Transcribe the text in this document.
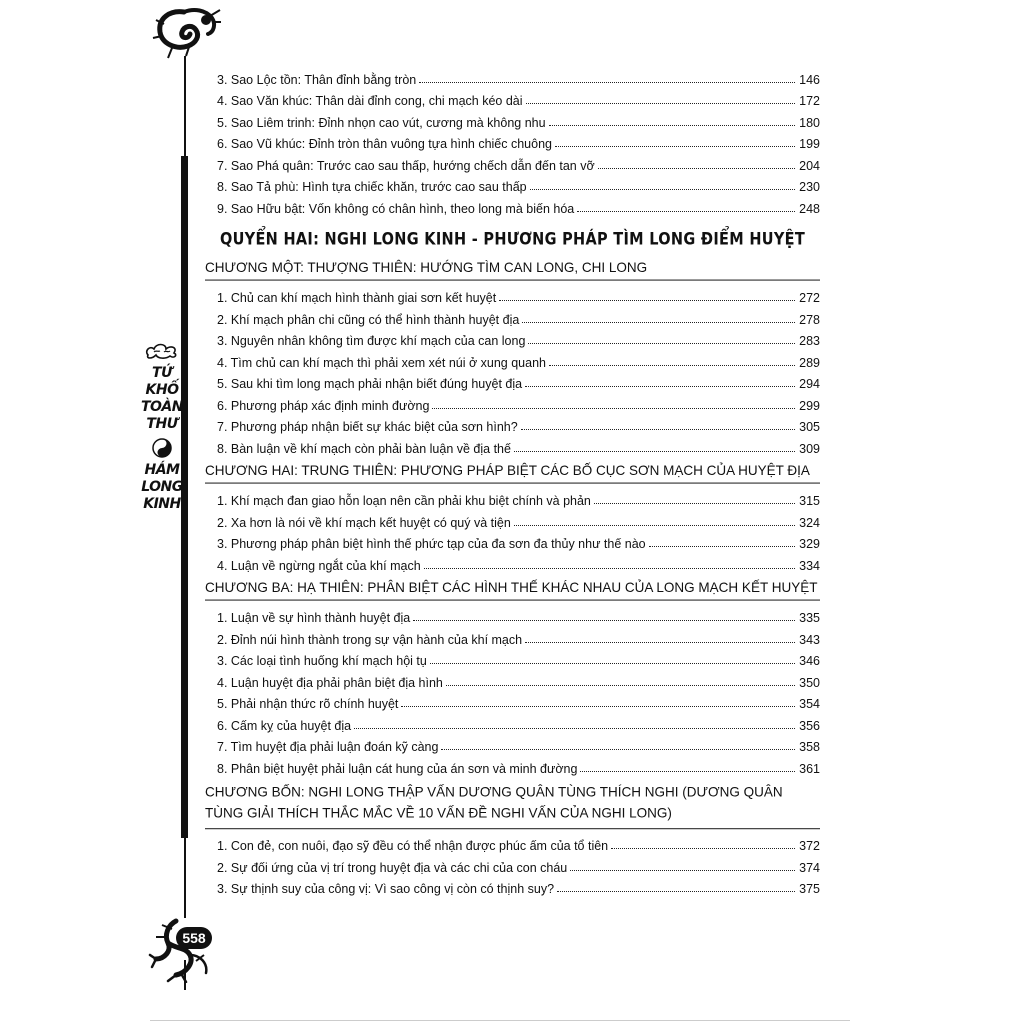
TỨ
KHỐ
TOÀN
THƯ
HÁM
LONG
KINH
558
3. Sao Lộc tồn: Thân đỉnh bằng tròn	146
4. Sao Văn khúc: Thân dài đỉnh cong, chi mạch kéo dài	172
5. Sao Liêm trinh: Đỉnh nhọn cao vút, cương mà không nhu	180
6. Sao Vũ khúc: Đỉnh tròn thân vuông tựa hình chiếc chuông	199
7. Sao Phá quân: Trước cao sau thấp, hướng chếch dẫn đến tan vỡ	204
8. Sao Tả phù: Hình tựa chiếc khăn, trước cao sau thấp	230
9. Sao Hữu bật: Vốn không có chân hình, theo long mà biến hóa	248
QUYỂN HAI: NGHI LONG KINH - PHƯƠNG PHÁP TÌM LONG ĐIỂM HUYỆT
CHƯƠNG MỘT: THƯỢNG THIÊN: HƯỚNG TÌM CAN LONG, CHI LONG
1. Chủ can khí mạch hình thành giai sơn kết huyệt	272
2. Khí mạch phân chi cũng có thể hình thành huyệt địa	278
3. Nguyên nhân không tìm được khí mạch của can long	283
4. Tìm chủ can khí mạch thì phải xem xét núi ở xung quanh	289
5. Sau khi tìm long mạch phải nhận biết đúng huyệt địa	294
6. Phương pháp xác định minh đường	299
7. Phương pháp nhận biết sự khác biệt của sơn hình?	305
8. Bàn luận về khí mạch còn phải bàn luận về địa thế	309
CHƯƠNG HAI: TRUNG THIÊN: PHƯƠNG PHÁP BIỆT CÁC BỐ CỤC SƠN MẠCH CỦA HUYỆT ĐỊA
1. Khí mạch đan giao hỗn loạn nên cần phải khu biệt chính và phản	315
2. Xa hơn là nói về khí mạch kết huyệt có quý và tiện	324
3. Phương pháp phân biệt hình thế phức tạp của đa sơn đa thủy như thế nào	329
4. Luận về ngừng ngắt của khí mạch	334
CHƯƠNG BA: HẠ THIÊN: PHÂN BIỆT CÁC HÌNH THẾ KHÁC NHAU CỦA LONG MẠCH KẾT HUYỆT
1. Luận về sự hình thành huyệt địa	335
2. Đỉnh núi hình thành trong sự vận hành của khí mạch	343
3. Các loại tình huống khí mạch hội tụ	346
4. Luận huyệt địa phải phân biệt địa hình	350
5. Phải nhận thức rõ chính huyệt	354
6. Cấm kỵ của huyệt địa	356
7. Tìm huyệt địa phải luận đoán kỹ càng	358
8. Phân biệt huyệt phải luận cát hung của án sơn và minh đường	361
CHƯƠNG BỐN: NGHI LONG THẬP VẤN DƯƠNG QUÂN TÙNG THÍCH NGHI (DƯƠNG QUÂN TÙNG GIẢI THÍCH THẮC MẮC VỀ 10 VẤN ĐỀ NGHI VẤN CỦA NGHI LONG)
1. Con đẻ, con nuôi, đạo sỹ đều có thể nhận được phúc ấm của tổ tiên	372
2. Sự đối ứng của vị trí trong huyệt địa và các chi của con cháu	374
3. Sự thịnh suy của công vị: Vì sao công vị còn có thịnh suy?	375
